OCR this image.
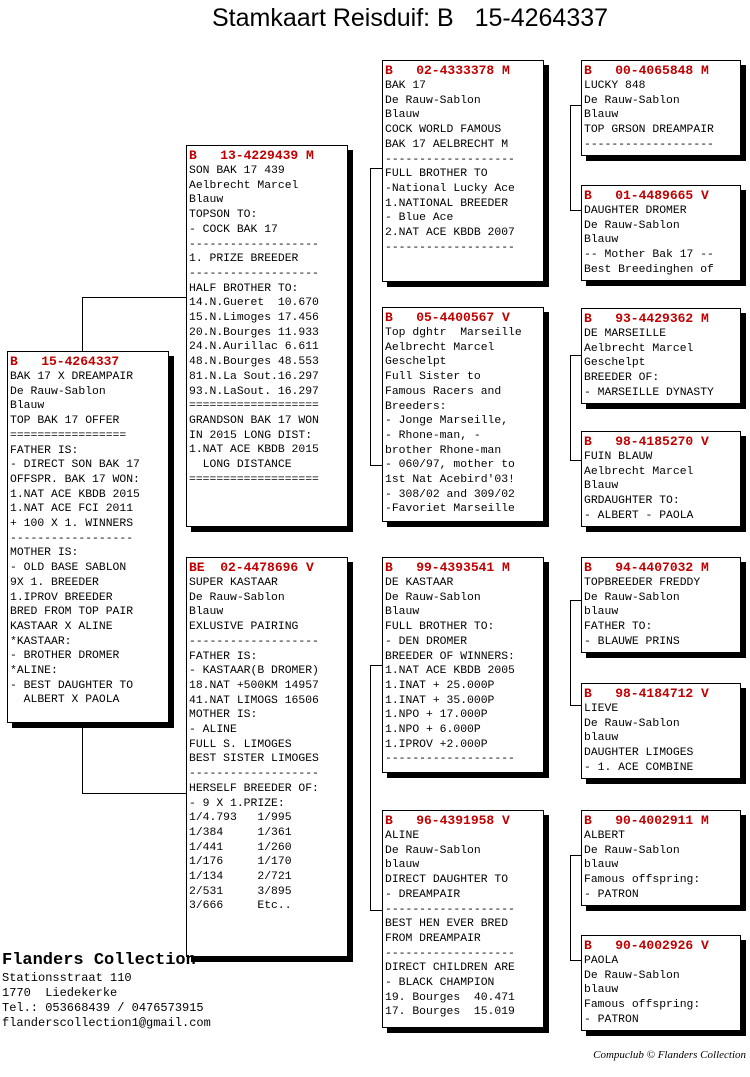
Stamkaart Reisduif: B   15-4264337
B   15-4264337
BAK 17 X DREAMPAIR
De Rauw-Sablon
Blauw
TOP BAK 17 OFFER
=================
FATHER IS:
- DIRECT SON BAK 17
OFFSPR. BAK 17 WON:
1.NAT ACE KBDB 2015
1.NAT ACE FCI 2011
+ 100 X 1. WINNERS
------------------
MOTHER IS:
- OLD BASE SABLON
9X 1. BREEDER
1.IPROV BREEDER
BRED FROM TOP PAIR
KASTAAR X ALINE
*KASTAAR:
- BROTHER DROMER
*ALINE:
- BEST DAUGHTER TO
ALBERT X PAOLA
B   13-4229439 M
SON BAK 17 439
Aelbrecht Marcel
Blauw
TOPSON TO:
- COCK BAK 17
-------------------
1. PRIZE BREEDER
-------------------
HALF BROTHER TO:
14.N.Gueret  10.670
15.N.Limoges 17.456
20.N.Bourges 11.933
24.N.Aurillac 6.611
48.N.Bourges 48.553
81.N.La Sout.16.297
93.N.LaSout. 16.297
===================
GRANDSON BAK 17 WON
IN 2015 LONG DIST:
1.NAT ACE KBDB 2015
LONG DISTANCE
===================
BE  02-4478696 V
SUPER KASTAAR
De Rauw-Sablon
Blauw
EXLUSIVE PAIRING
-------------------
FATHER IS:
- KASTAAR(B DROMER)
18.NAT +500KM 14957
41.NAT LIMOGS 16506
MOTHER IS:
- ALINE
FULL S. LIMOGES
BEST SISTER LIMOGES
-------------------
HERSELF BREEDER OF:
- 9 X 1.PRIZE:
1/4.793   1/995
1/384     1/361
1/441     1/260
1/176     1/170
1/134     2/721
2/531     3/895
3/666     Etc..
B   02-4333378 M
BAK 17
De Rauw-Sablon
Blauw
COCK WORLD FAMOUS
BAK 17 AELBRECHT M
-------------------
FULL BROTHER TO
-National Lucky Ace
1.NATIONAL BREEDER
- Blue Ace
2.NAT ACE KBDB 2007
-------------------
B   05-4400567 V
Top dghtr  Marseille
Aelbrecht Marcel
Geschelpt
Full Sister to
Famous Racers and
Breeders:
- Jonge Marseille,
- Rhone-man, -
brother Rhone-man
- 060/97, mother to
1st Nat Acebird'03!
- 308/02 and 309/02
-Favoriet Marseille
B   99-4393541 M
DE KASTAAR
De Rauw-Sablon
Blauw
FULL BROTHER TO:
- DEN DROMER
BREEDER OF WINNERS:
1.NAT ACE KBDB 2005
1.INAT + 25.000P
1.INAT + 35.000P
1.NPO + 17.000P
1.NPO + 6.000P
1.IPROV +2.000P
-------------------
B   96-4391958 V
ALINE
De Rauw-Sablon
blauw
DIRECT DAUGHTER TO
- DREAMPAIR
-------------------
BEST HEN EVER BRED
FROM DREAMPAIR
-------------------
DIRECT CHILDREN ARE
- BLACK CHAMPION
19. Bourges  40.471
17. Bourges  15.019
B   00-4065848 M
LUCKY 848
De Rauw-Sablon
Blauw
TOP GRSON DREAMPAIR
-------------------
B   01-4489665 V
DAUGHTER DROMER
De Rauw-Sablon
Blauw
-- Mother Bak 17 --
Best Breedinghen of
B   93-4429362 M
DE MARSEILLE
Aelbrecht Marcel
Geschelpt
BREEDER OF:
- MARSEILLE DYNASTY
B   98-4185270 V
FUIN BLAUW
Aelbrecht Marcel
Blauw
GRDAUGHTER TO:
- ALBERT - PAOLA
B   94-4407032 M
TOPBREEDER FREDDY
De Rauw-Sablon
blauw
FATHER TO:
- BLAUWE PRINS
B   98-4184712 V
LIEVE
De Rauw-Sablon
blauw
DAUGHTER LIMOGES
- 1. ACE COMBINE
B   90-4002911 M
ALBERT
De Rauw-Sablon
blauw
Famous offspring:
- PATRON
B   90-4002926 V
PAOLA
De Rauw-Sablon
blauw
Famous offspring:
- PATRON
Flanders Collection
Stationsstraat 110
1770  Liedekerke
Tel.: 053668439 / 0476573915
flanderscollection1@gmail.com
Compuclub © Flanders Collection
